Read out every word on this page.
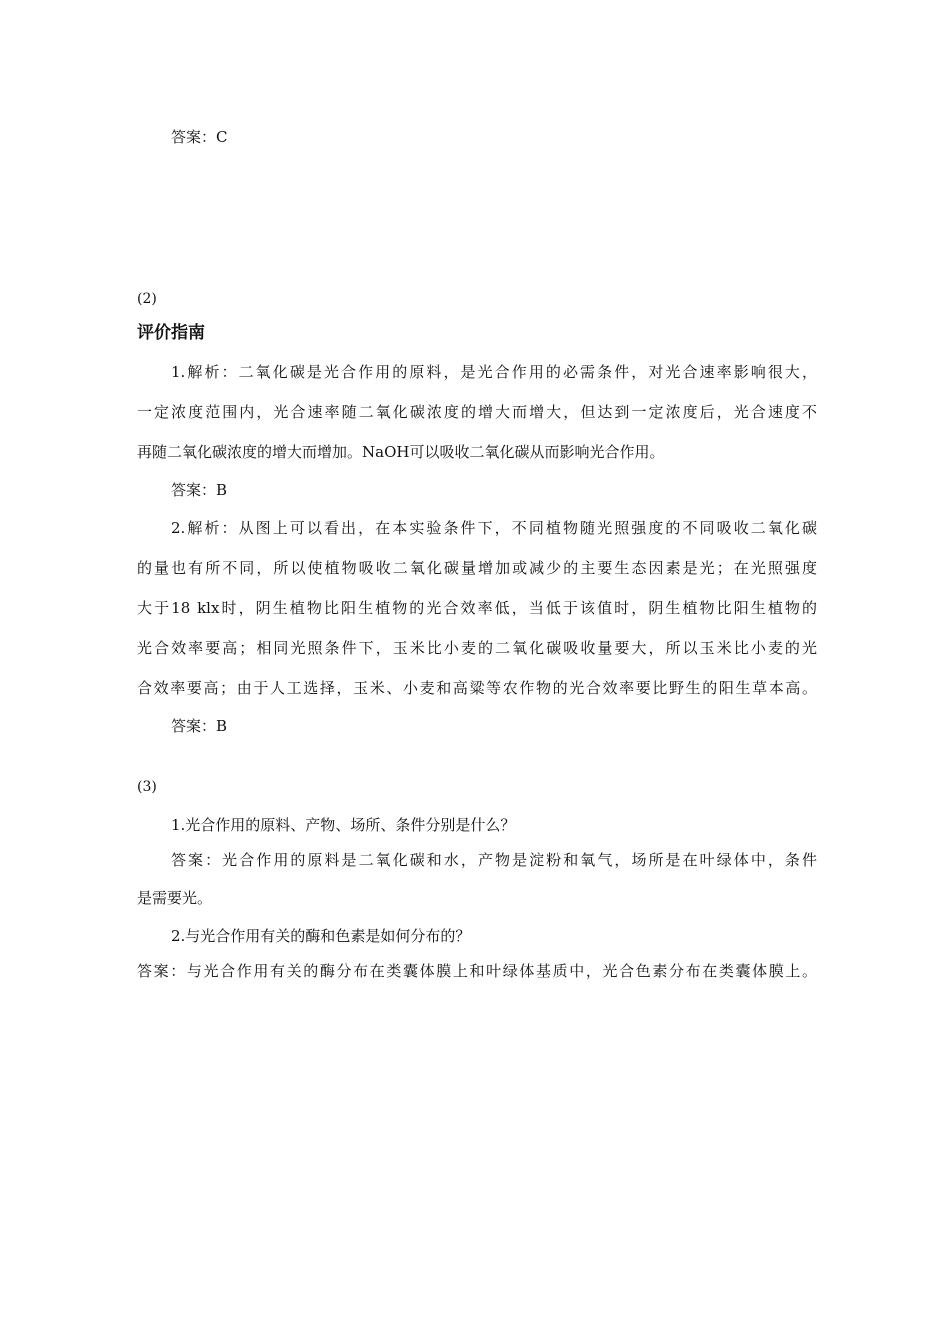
答案：C
(2)
评价指南
1.解析：二氧化碳是光合作用的原料，是光合作用的必需条件，对光合速率影响很大，
一定浓度范围内，光合速率随二氧化碳浓度的增大而增大，但达到一定浓度后，光合速度不
再随二氧化碳浓度的增大而增加。NaOH可以吸收二氧化碳从而影响光合作用。
答案：B
2.解析：从图上可以看出，在本实验条件下，不同植物随光照强度的不同吸收二氧化碳
的量也有所不同，所以使植物吸收二氧化碳量增加或减少的主要生态因素是光；在光照强度
大于18 klx时，阴生植物比阳生植物的光合效率低，当低于该值时，阴生植物比阳生植物的
光合效率要高；相同光照条件下，玉米比小麦的二氧化碳吸收量要大，所以玉米比小麦的光
合效率要高；由于人工选择，玉米、小麦和高粱等农作物的光合效率要比野生的阳生草本高。
答案：B
(3)
1.光合作用的原料、产物、场所、条件分别是什么？
答案：光合作用的原料是二氧化碳和水，产物是淀粉和氧气，场所是在叶绿体中，条件
是需要光。
2.与光合作用有关的酶和色素是如何分布的？
答案：与光合作用有关的酶分布在类囊体膜上和叶绿体基质中，光合色素分布在类囊体膜上。
